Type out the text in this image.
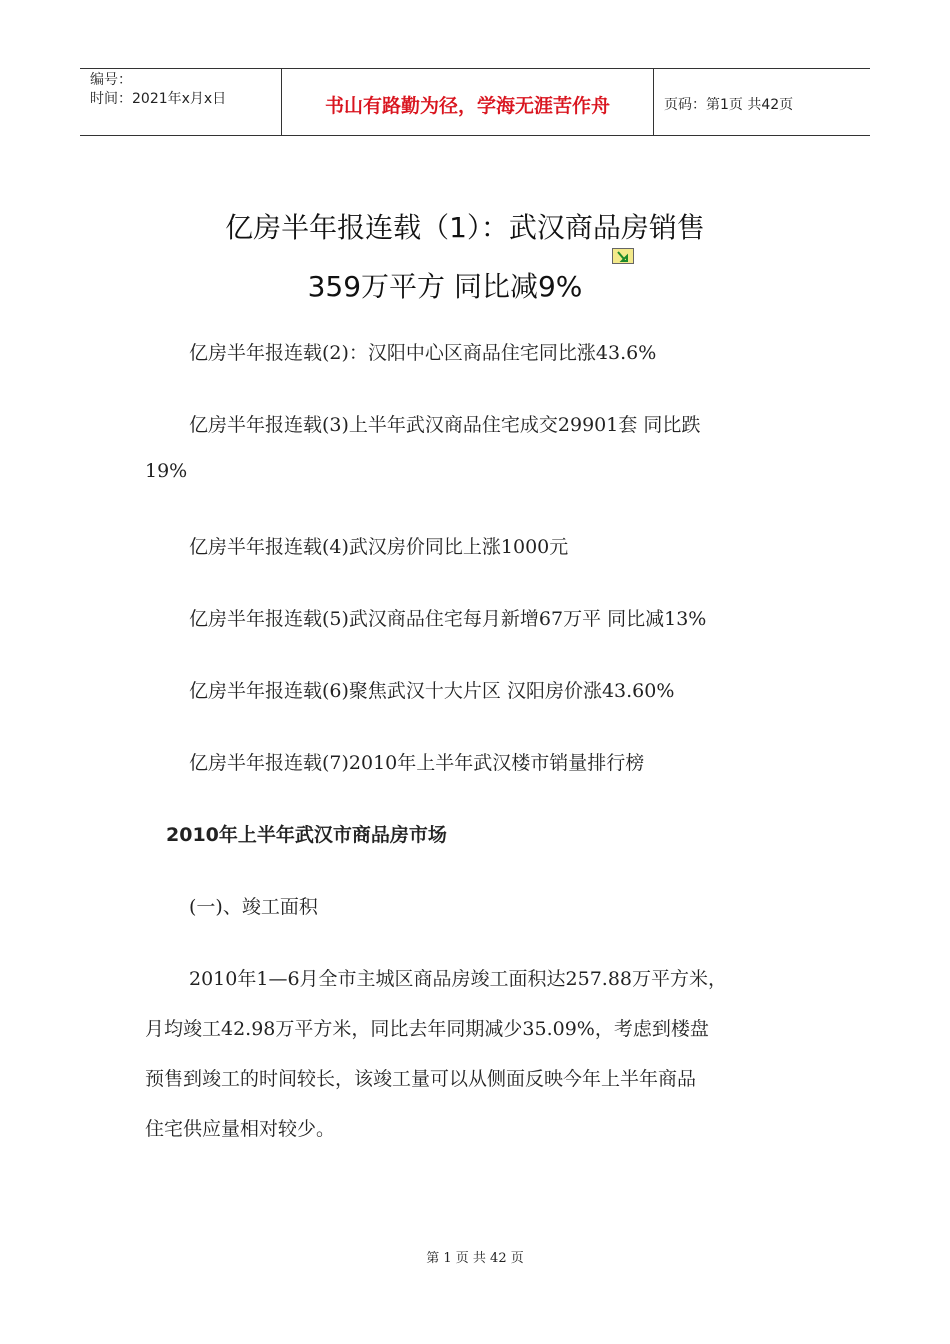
编号：
时间：2021年x月x日	书山有路勤为径，学海无涯苦作舟	页码：第1页 共42页
亿房半年报连载（1）：武汉商品房销售
359万平方 同比减9%
亿房半年报连载(2)：汉阳中心区商品住宅同比涨43.6%
亿房半年报连载(3)上半年武汉商品住宅成交29901套 同比跌
19%
亿房半年报连载(4)武汉房价同比上涨1000元
亿房半年报连载(5)武汉商品住宅每月新增67万平 同比减13%
亿房半年报连载(6)聚焦武汉十大片区 汉阳房价涨43.60%
亿房半年报连载(7)2010年上半年武汉楼市销量排行榜
2010年上半年武汉市商品房市场
(一)、竣工面积
2010年1—6月全市主城区商品房竣工面积达257.88万平方米，
月均竣工42.98万平方米，同比去年同期减少35.09%，考虑到楼盘
预售到竣工的时间较长，该竣工量可以从侧面反映今年上半年商品
住宅供应量相对较少。
第 1 页 共 42 页
